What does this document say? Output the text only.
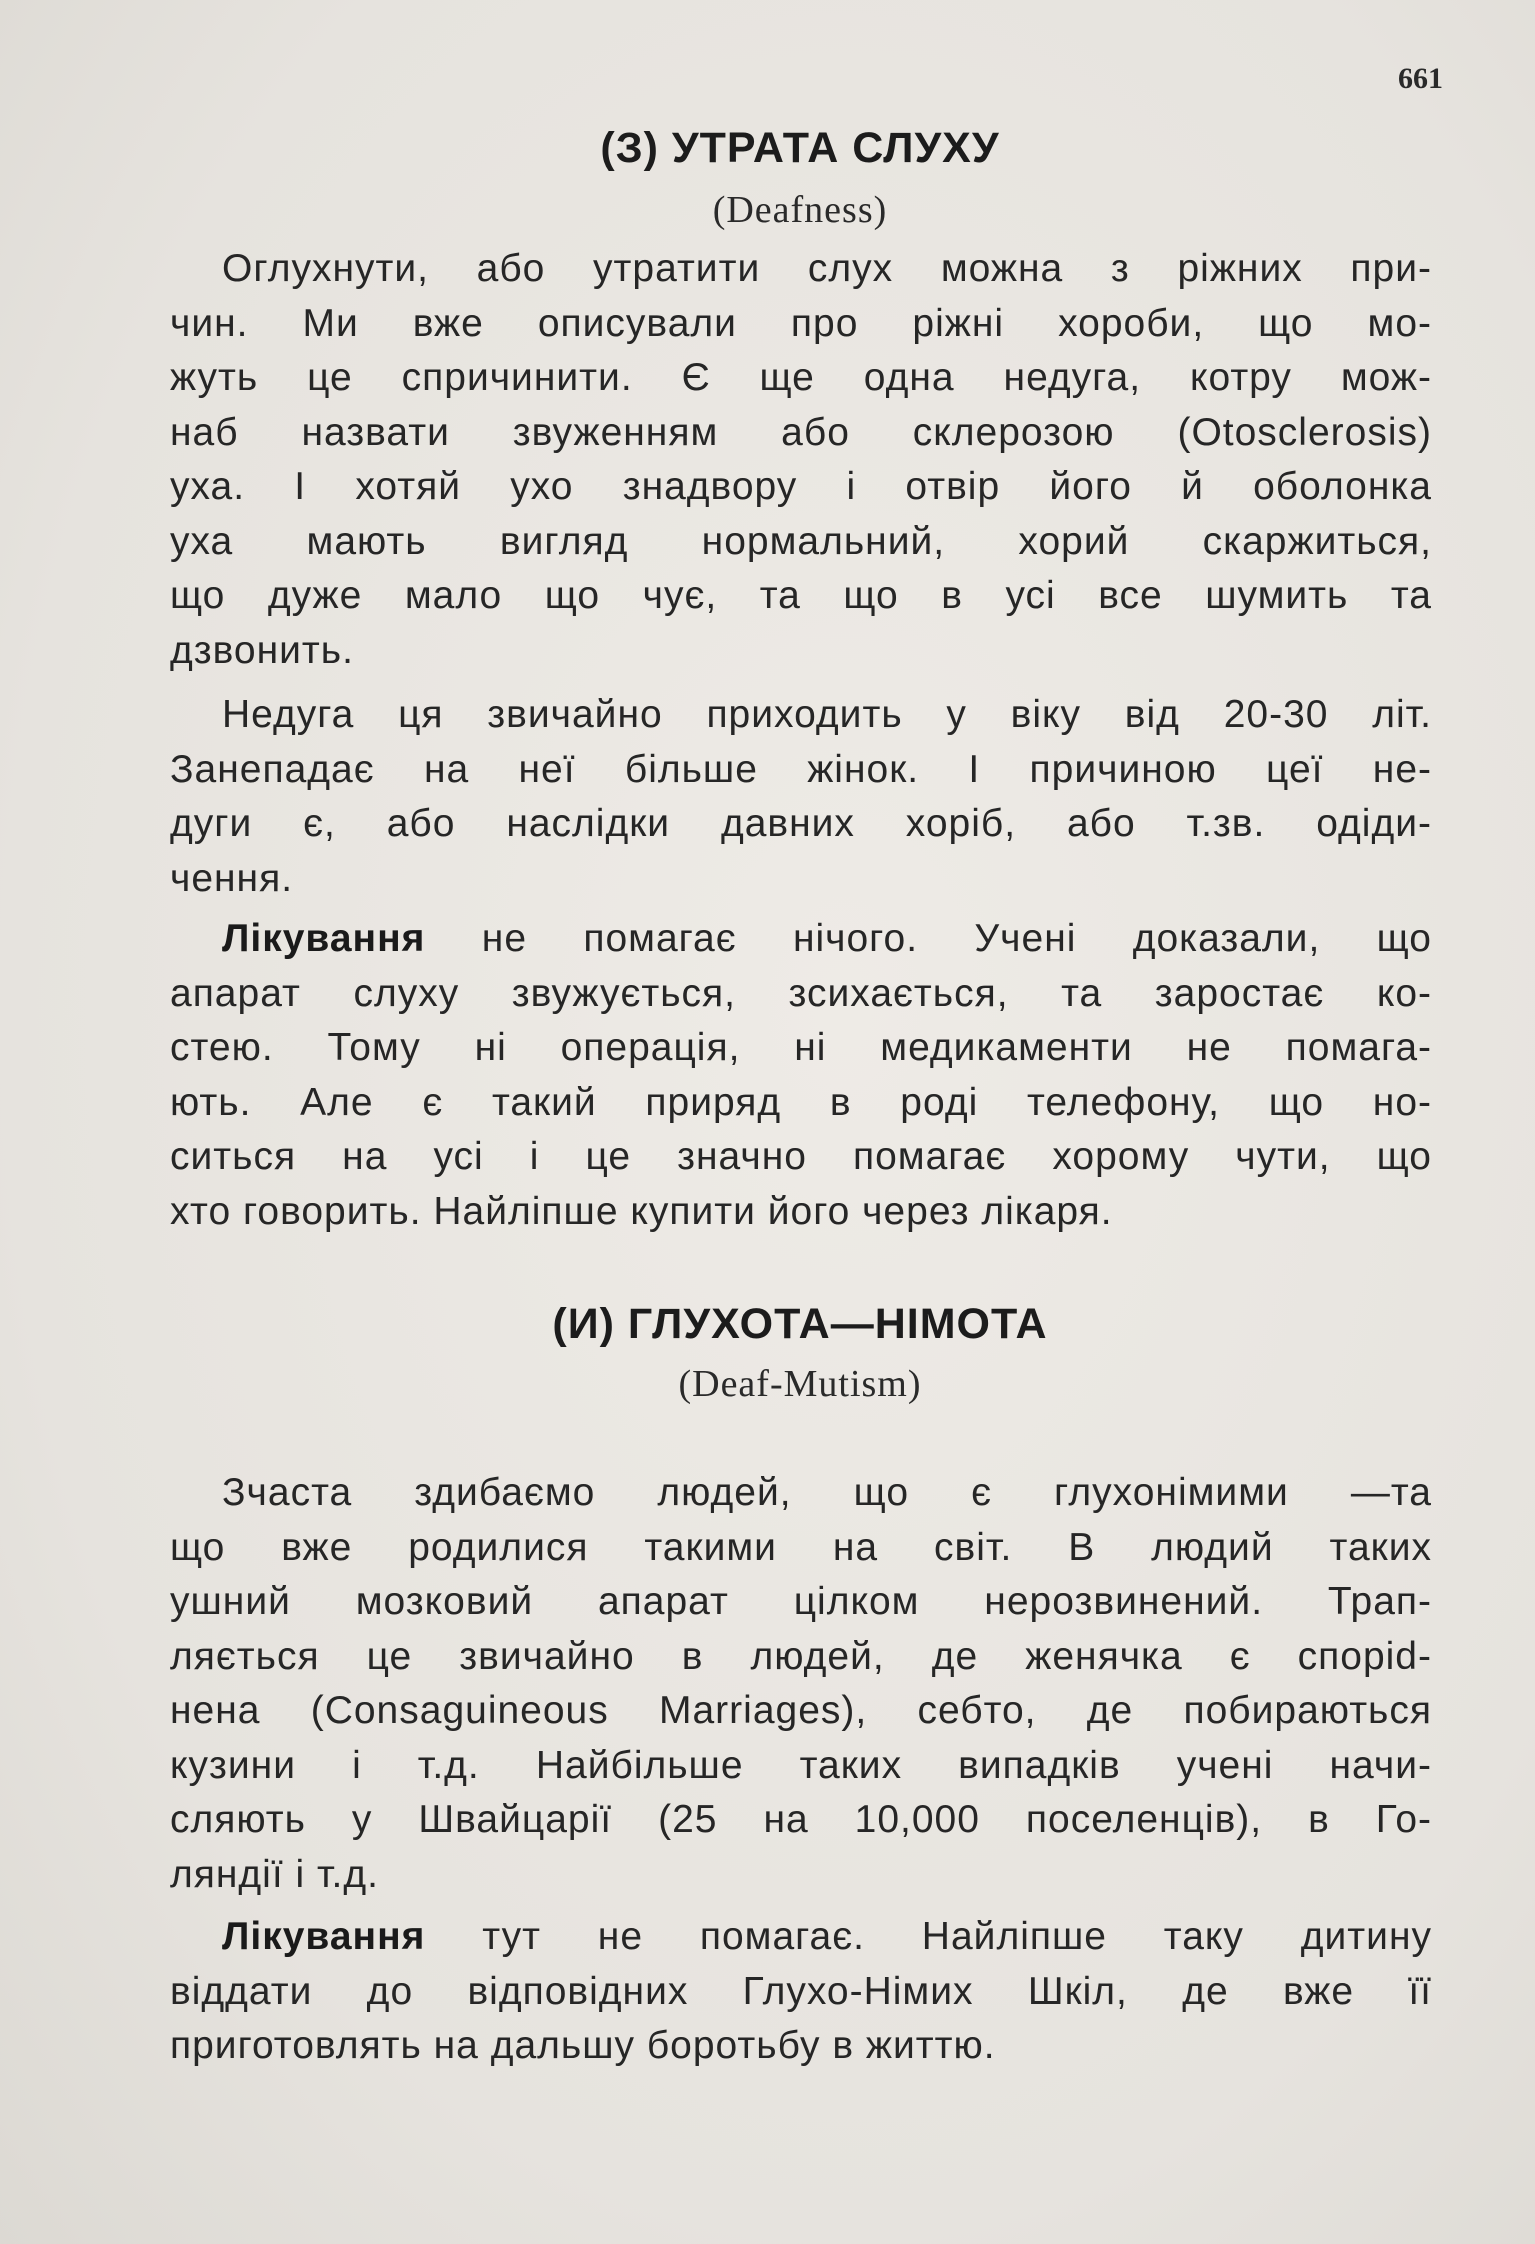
661
(З) УТРАТА СЛУХУ
(Deafness)
Оглухнути, або утратити слух можна з ріжних при-
чин. Ми вже описували про ріжні хороби, що мо-
жуть це спричинити. Є ще одна недуга, котру мож-
наб назвати звуженням або склерозою (Otosclerosis)
уха. І хотяй ухо знадвору і отвір його й оболонка
уха мають вигляд нормальний, хорий скаржиться,
що дуже мало що чує, та що в усі все шумить та
дзвонить.
Недуга ця звичайно приходить у віку від 20-30 літ.
Занепадає на неї більше жінок. І причиною цеї не-
дуги є, або наслідки давних хоріб, або т.зв. одіди-
чення.
Лікування не помагає нічого. Учені доказали, що
апарат слуху звужується, зсихається, та заростає ко-
стею. Тому ні операція, ні медикаменти не помага-
ють. Але є такий приряд в роді телефону, що но-
ситься на усі і це значно помагає хорому чути, що
хто говорить. Найліпше купити його через лікаря.
(И) ГЛУХОТА—НІМОТА
(Deaf-Mutism)
Зчаста здибаємо людей, що є глухонімими —та
що вже родилися такими на світ. В людий таких
ушний мозковий апарат цілком нерозвинений. Трап-
ляється це звичайно в людей, де женячка є споріd-
нена (Consaguineous Marriages), себто, де побираються
кузини і т.д. Найбільше таких випадків учені начи-
сляють у Швайцарії (25 на 10,000 поселенців), в Го-
ляндії і т.д.
Лікування тут не помагає. Найліпше таку дитину
віддати до відповідних Глухо-Німих Шкіл, де вже її
приготовлять на дальшу боротьбу в життю.
